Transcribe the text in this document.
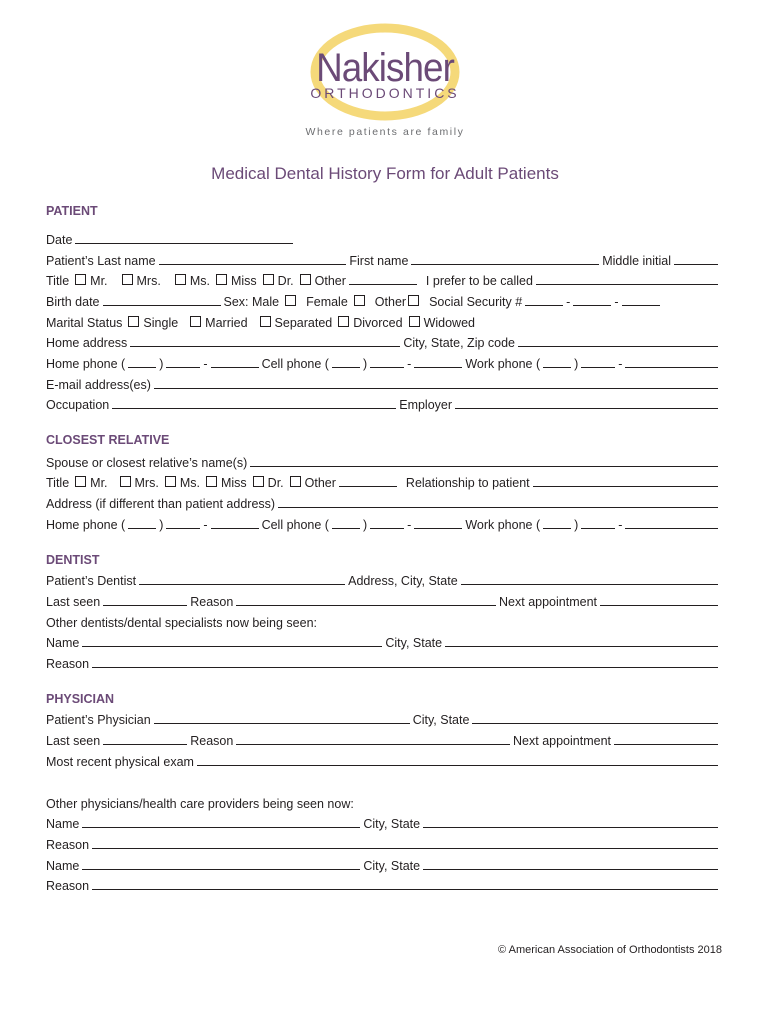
Nakisher
ORTHODONTICS
Where patients are family
Medical Dental History Form for Adult Patients
PATIENT
Date
Patient’s Last name	First name	Middle initial
Title Mr. Mrs. Ms. Miss Dr. Other	I prefer to be called
Birth date	Sex: Male Female Other Social Security #	-	-
Marital Status Single Married Separated Divorced Widowed
Home address	City, State, Zip code
Home phone (	)	-	Cell phone (	)	-	Work phone (	)	-
E-mail address(es)
Occupation	Employer
CLOSEST RELATIVE
Spouse or closest relative’s name(s)
Title Mr. Mrs. Ms. Miss Dr. Other	Relationship to patient
Address (if different than patient address)
Home phone (	)	-	Cell phone (	)	-	Work phone (	)	-
DENTIST
Patient’s Dentist	Address, City, State
Last seen	Reason	Next appointment
Other dentists/dental specialists now being seen:
Name	City, State
Reason
PHYSICIAN
Patient’s Physician	City, State
Last seen	Reason	Next appointment
Most recent physical exam
Other physicians/health care providers being seen now:
Name	City, State
Reason
Name	City, State
Reason
© American Association of Orthodontists 2018
